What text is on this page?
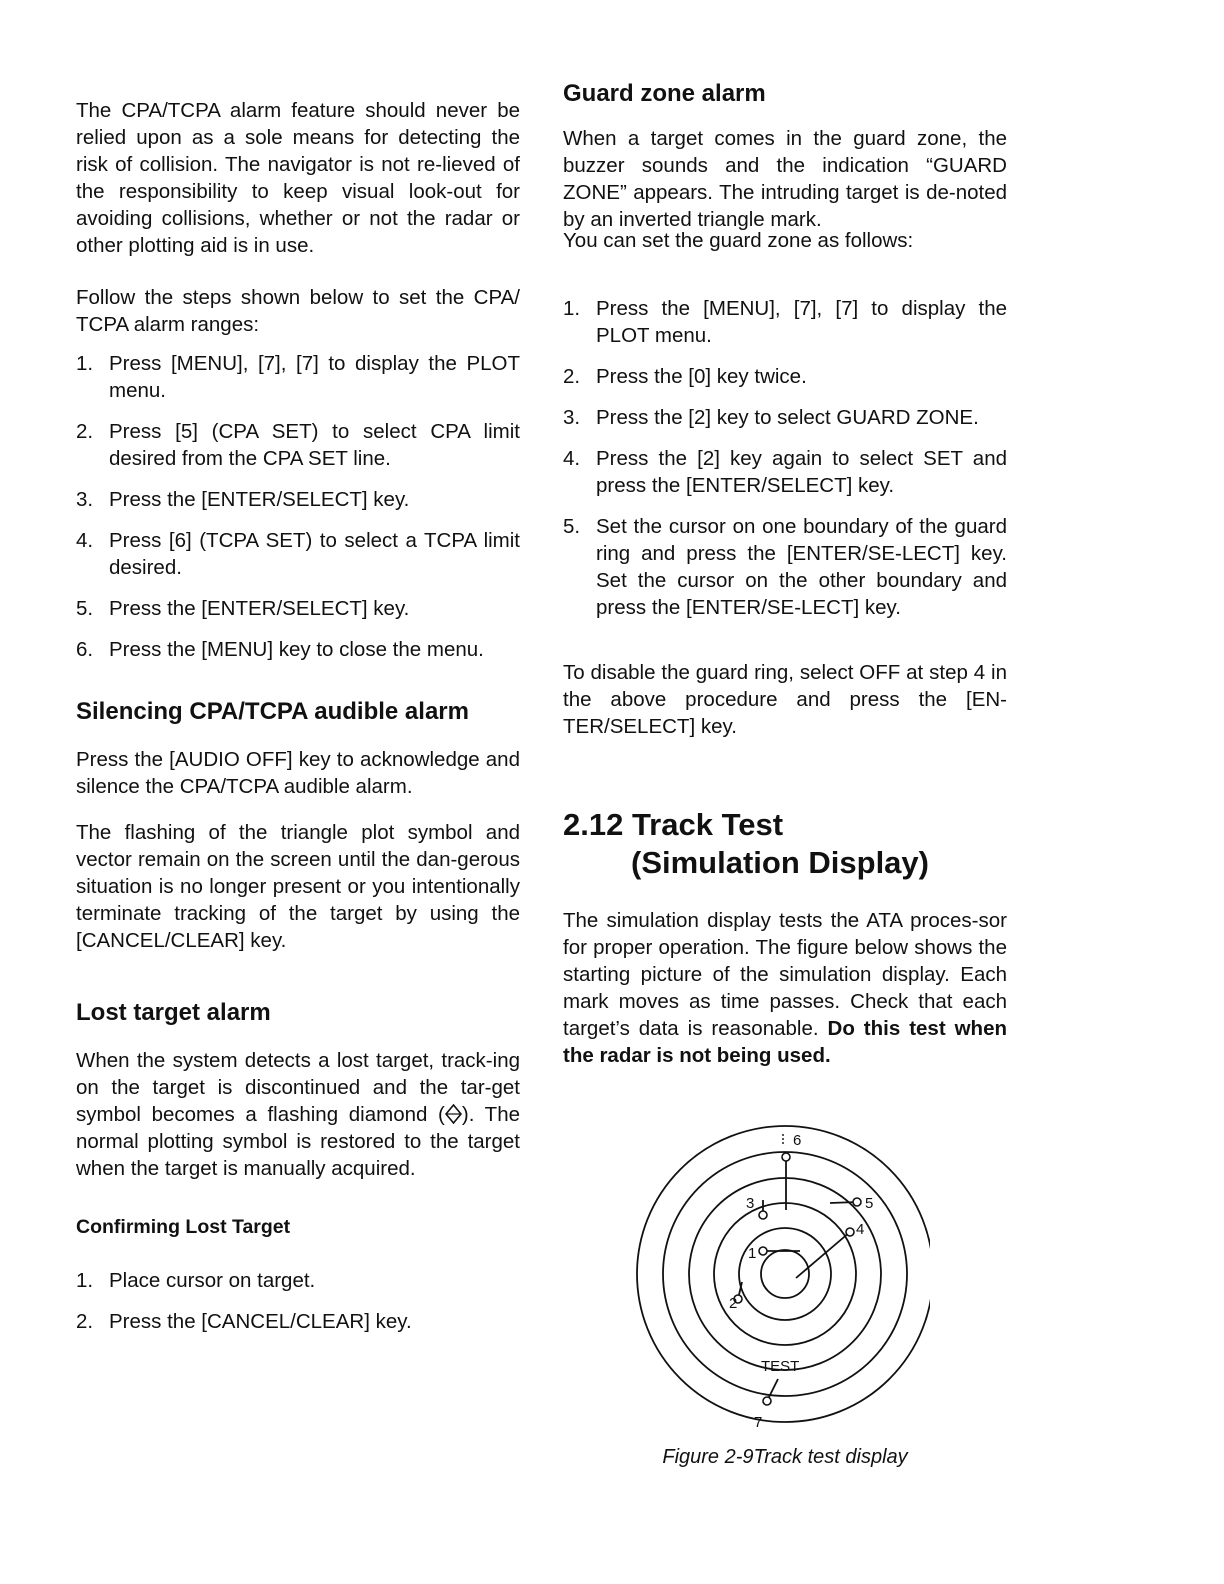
The CPA/TCPA alarm feature should never be relied upon as a sole means for detecting the risk of collision. The navigator is not re-lieved of the responsibility to keep visual look-out for avoiding collisions, whether or not the radar or other plotting aid is in use.

Follow the steps shown below to set the CPA/ TCPA alarm ranges:

1. Press [MENU], [7], [7] to display the PLOT menu.
2. Press [5] (CPA SET) to select CPA limit desired from the CPA SET line.
3. Press the [ENTER/SELECT] key.
4. Press [6] (TCPA SET) to select a TCPA limit desired.
5. Press the [ENTER/SELECT] key.
6. Press the [MENU] key to close the menu.
Silencing CPA/TCPA audible alarm

Press the [AUDIO OFF] key to acknowledge and silence the CPA/TCPA audible alarm.

The flashing of the triangle plot symbol and vector remain on the screen until the dan-gerous situation is no longer present or you intentionally terminate tracking of the target by using the [CANCEL/CLEAR] key.

Lost target alarm

When the system detects a lost target, track-ing on the target is discontinued and the tar-get symbol becomes a flashing diamond ( ). The normal plotting symbol is restored to the target when the target is manually acquired.

Confirming Lost Target
1. Place cursor on target.
2. Press the [CANCEL/CLEAR] key.
Guard zone alarm

When a target comes in the guard zone, the buzzer sounds and the indication “GUARD ZONE” appears. The intruding target is de-noted by an inverted triangle mark.

You can set the guard zone as follows:

1. Press the [MENU], [7], [7] to display the PLOT menu.
2. Press the [0] key twice.
3. Press the [2] key to select GUARD ZONE.
4. Press the [2] key again to select SET and press the [ENTER/SELECT] key.
5. Set the cursor on one boundary of the guard ring and press the [ENTER/SE-LECT] key. Set the cursor on the other boundary and press the [ENTER/SE-LECT] key.

To disable the guard ring, select OFF at step 4 in the above procedure and press the [EN-TER/SELECT] key.

2.12 Track Test
(Simulation Display)

The simulation display tests the ATA proces-sor for proper operation. The figure below shows the starting picture of the simulation display. Each mark moves as time passes. Check that each target’s data is reasonable. Do this test when the radar is not being used.

1
2
3
4
5
6
7
TEST

Figure 2-9Track test display
